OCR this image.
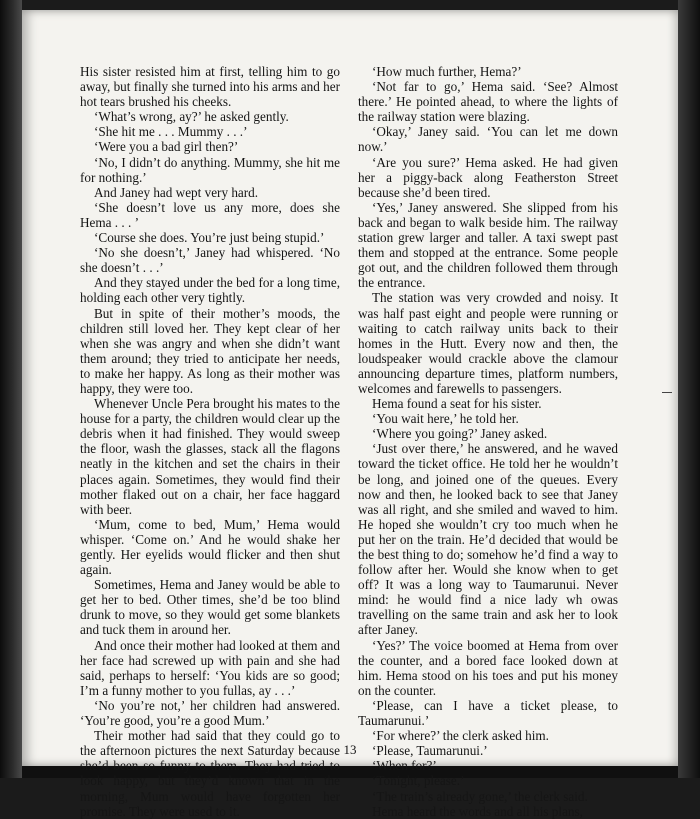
His sister resisted him at first, telling him to go away, but finally she turned into his arms and her hot tears brushed his cheeks.

‘What’s wrong, ay?’ he asked gently.

‘She hit me . . . Mummy . . .’

‘Were you a bad girl then?’

‘No, I didn’t do anything. Mummy, she hit me for nothing.’

And Janey had wept very hard.

‘She doesn’t love us any more, does she Hema . . . ’

‘Course she does. You’re just being stupid.’

‘No she doesn’t,’ Janey had whispered. ‘No she doesn’t . . .’

And they stayed under the bed for a long time, holding each other very tightly.

But in spite of their mother’s moods, the children still loved her. They kept clear of her when she was angry and when she didn’t want them around; they tried to anticipate her needs, to make her happy. As long as their mother was happy, they were too.

Whenever Uncle Pera brought his mates to the house for a party, the children would clear up the debris when it had finished. They would sweep the floor, wash the glasses, stack all the flagons neatly in the kitchen and set the chairs in their places again. Sometimes, they would find their mother flaked out on a chair, her face haggard with beer.

‘Mum, come to bed, Mum,’ Hema would whisper. ‘Come on.’ And he would shake her gently. Her eyelids would flicker and then shut again.

Sometimes, Hema and Janey would be able to get her to bed. Other times, she’d be too blind drunk to move, so they would get some blankets and tuck them in around her.

And once their mother had looked at them and her face had screwed up with pain and she had said, perhaps to herself: ‘You kids are so good; I’m a funny mother to you fullas, ay . . .’

‘No you’re not,’ her children had answered. ‘You’re good, you’re a good Mum.’

Their mother had said that they could go to the afternoon pictures the next Saturday because she’d been so funny to them. They had tried to look happy, but they’d known that in the morning, Mum would have forgotten her promise. They were used to it.

‘How much further, Hema?’

‘Not far to go,’ Hema said. ‘See? Almost there.’ He pointed ahead, to where the lights of the railway station were blazing.

‘Okay,’ Janey said. ‘You can let me down now.’

‘Are you sure?’ Hema asked. He had given her a piggy-back along Featherston Street because she’d been tired.

‘Yes,’ Janey answered. She slipped from his back and began to walk beside him. The railway station grew larger and taller. A taxi swept past them and stopped at the entrance. Some people got out, and the children followed them through the entrance.

The station was very crowded and noisy. It was half past eight and people were running or waiting to catch railway units back to their homes in the Hutt. Every now and then, the loudspeaker would crackle above the clamour announcing departure times, platform numbers, welcomes and farewells to passengers.

Hema found a seat for his sister.

‘You wait here,’ he told her.

‘Where you going?’ Janey asked.

‘Just over there,’ he answered, and he waved toward the ticket office. He told her he wouldn’t be long, and joined one of the queues. Every now and then, he looked back to see that Janey was all right, and she smiled and waved to him. He hoped she wouldn’t cry too much when he put her on the train. He’d decided that would be the best thing to do; somehow he’d find a way to follow after her. Would she know when to get off? It was a long way to Taumarunui. Never mind: he would find a nice lady wh owas travelling on the same train and ask her to look after Janey.

‘Yes?’ The voice boomed at Hema from over the counter, and a bored face looked down at him. Hema stood on his toes and put his money on the counter.

‘Please, can I have a ticket please, to Taumarunui.’

‘For where?’ the clerk asked him.

‘Please, Taumarunui.’

‘When for?’

‘Tonight, please.’

‘The train’s already gone,’ the clerk said.

Hema heard the words and all his plans,

13
